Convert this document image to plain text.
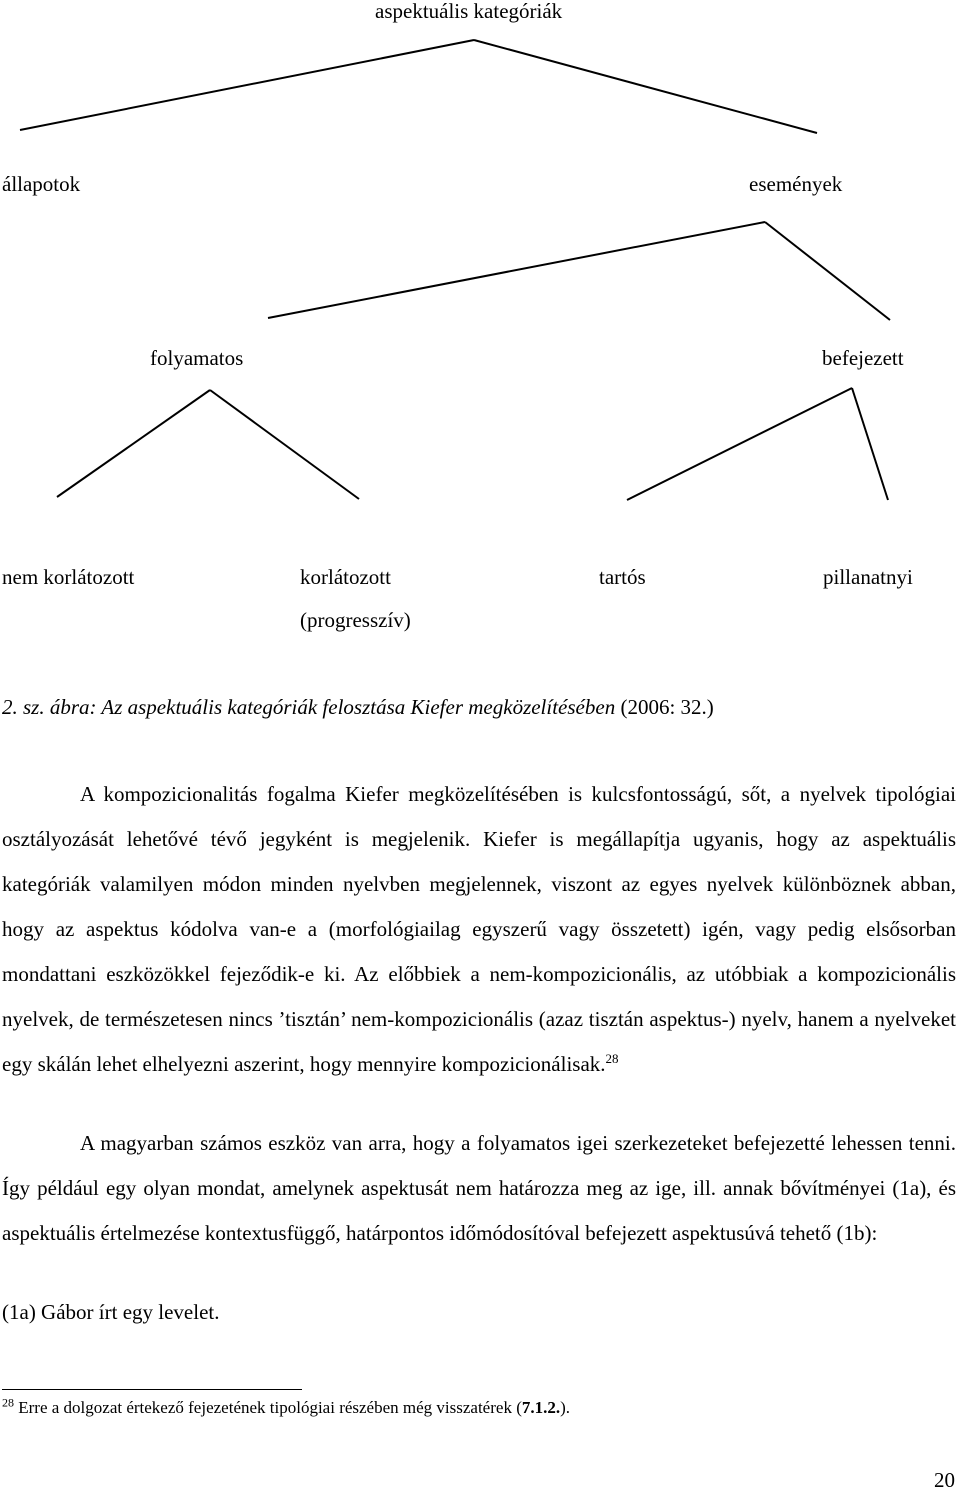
aspektuális kategóriák
állapotok	események
folyamatos	befejezett
nem korlátozott	korlátozott
(progresszív)
tartós	pillanatnyi
2. sz. ábra: Az aspektuális kategóriák felosztása Kiefer megközelítésében (2006: 32.)
A kompozicionalitás fogalma Kiefer megközelítésében is kulcsfontosságú, sőt, a nyelvek tipológiai osztályozását lehetővé tévő jegyként is megjelenik. Kiefer is megállapítja ugyanis, hogy az aspektuális kategóriák valamilyen módon minden nyelvben megjelennek, viszont az egyes nyelvek különböznek abban, hogy az aspektus kódolva van-e a (morfológiailag egyszerű vagy összetett) igén, vagy pedig elsősorban mondattani eszközökkel fejeződik-e ki. Az előbbiek a nem-kompozicionális, az utóbbiak a kompozicionális nyelvek, de természetesen nincs ’tisztán’ nem-kompozicionális (azaz tisztán aspektus-) nyelv, hanem a nyelveket egy skálán lehet elhelyezni aszerint, hogy mennyire kompozicionálisak.$^{28}$
A magyarban számos eszköz van arra, hogy a folyamatos igei szerkezeteket befejezetté lehessen tenni. Így például egy olyan mondat, amelynek aspektusát nem határozza meg az ige, ill. annak bővítményei (1a), és aspektuális értelmezése kontextusfüggő, határpontos időmódosítóval befejezett aspektusúvá tehető (1b):
(1a) Gábor írt egy levelet.
$^{28}$ Erre a dolgozat értekező fejezetének tipológiai részében még visszatérek (7.1.2.).
20
